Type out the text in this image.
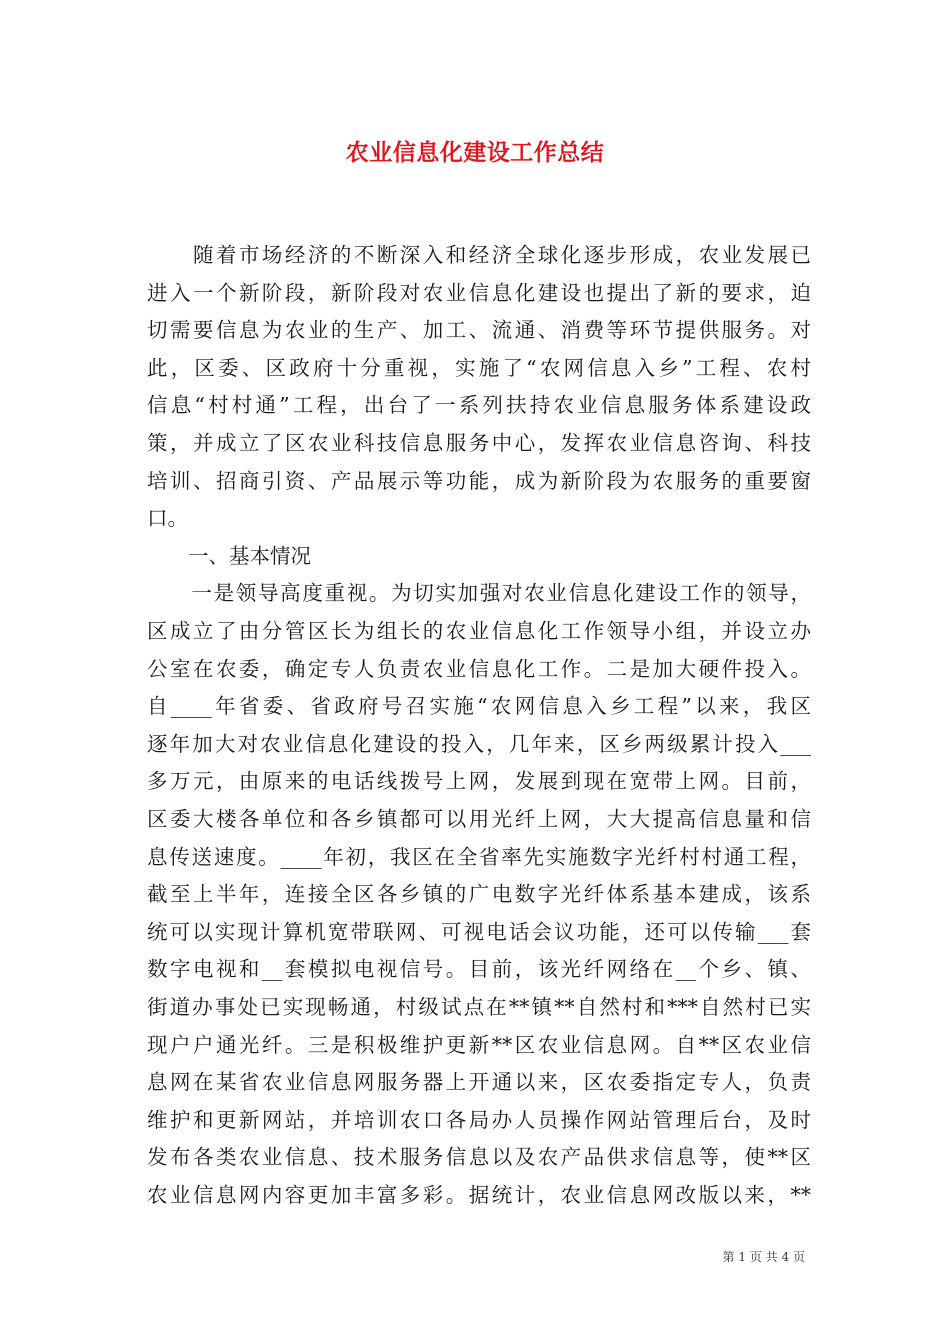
农业信息化建设工作总结
　　随着市场经济的不断深入和经济全球化逐步形成，农业发展已
进入一个新阶段，新阶段对农业信息化建设也提出了新的要求，迫
切需要信息为农业的生产、加工、流通、消费等环节提供服务。对
此，区委、区政府十分重视，实施了“农网信息入乡”工程、农村
信息“村村通”工程，出台了一系列扶持农业信息服务体系建设政
策，并成立了区农业科技信息服务中心，发挥农业信息咨询、科技
培训、招商引资、产品展示等功能，成为新阶段为农服务的重要窗
口。
　　一、基本情况
　　一是领导高度重视。为切实加强对农业信息化建设工作的领导，
区成立了由分管区长为组长的农业信息化工作领导小组，并设立办
公室在农委，确定专人负责农业信息化工作。二是加大硬件投入。
自____年省委、省政府号召实施“农网信息入乡工程”以来，我区
逐年加大对农业信息化建设的投入，几年来，区乡两级累计投入___
多万元，由原来的电话线拨号上网，发展到现在宽带上网。目前，
区委大楼各单位和各乡镇都可以用光纤上网，大大提高信息量和信
息传送速度。____年初，我区在全省率先实施数字光纤村村通工程，
截至上半年，连接全区各乡镇的广电数字光纤体系基本建成，该系
统可以实现计算机宽带联网、可视电话会议功能，还可以传输___套
数字电视和__套模拟电视信号。目前，该光纤网络在__个乡、镇、
街道办事处已实现畅通，村级试点在**镇**自然村和***自然村已实
现户户通光纤。三是积极维护更新**区农业信息网。自**区农业信
息网在某省农业信息网服务器上开通以来，区农委指定专人，负责
维护和更新网站，并培训农口各局办人员操作网站管理后台，及时
发布各类农业信息、技术服务信息以及农产品供求信息等，使**区
农业信息网内容更加丰富多彩。据统计，农业信息网改版以来，**
第 1 页 共 4 页
